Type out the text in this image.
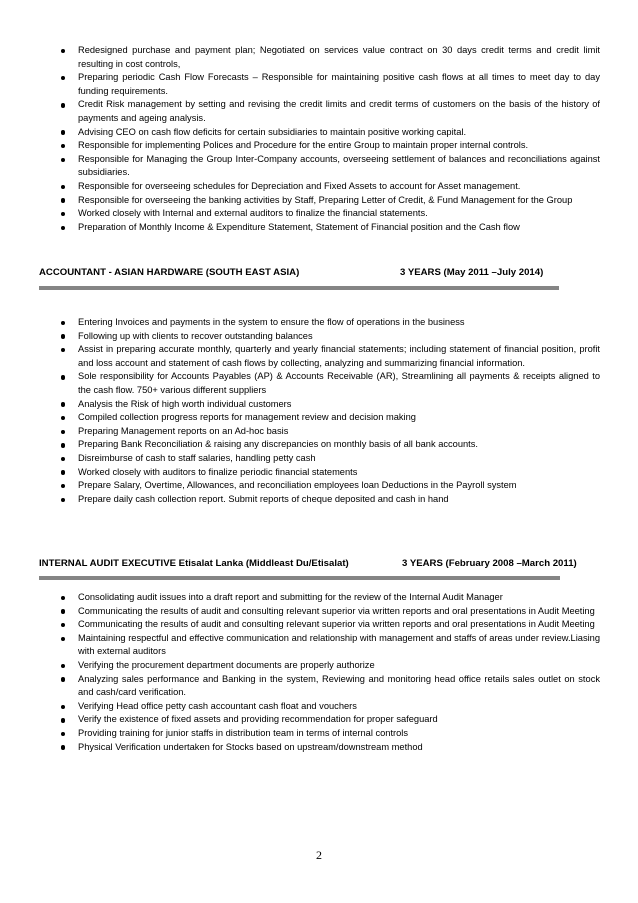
Redesigned purchase and payment plan; Negotiated on services value contract on 30 days credit terms and credit limit resulting in cost controls,
Preparing periodic Cash Flow Forecasts – Responsible for maintaining positive cash flows at all times to meet day to day funding requirements.
Credit Risk management by setting and revising the credit limits and credit terms of customers on the basis of the history of payments and ageing analysis.
Advising CEO on cash flow deficits for certain subsidiaries to maintain positive working capital.
Responsible for implementing Polices and Procedure for the entire Group to maintain proper internal controls.
Responsible for Managing the Group Inter-Company accounts, overseeing settlement of balances and reconciliations against subsidiaries.
Responsible for overseeing schedules for Depreciation and Fixed Assets to account for Asset management.
Responsible for overseeing the banking activities by Staff, Preparing Letter of Credit, & Fund Management for the Group
Worked closely with Internal and external auditors to finalize the financial statements.
Preparation of Monthly Income & Expenditure Statement, Statement of Financial position and the Cash flow
ACCOUNTANT - ASIAN HARDWARE (SOUTH EAST ASIA)	3 YEARS (May 2011 –July 2014)
Entering Invoices and payments in the system to ensure the flow of operations in the business
Following up with clients to recover outstanding balances
Assist in preparing accurate monthly, quarterly and yearly financial statements; including statement of financial position, profit and loss account and statement of cash flows by collecting, analyzing and summarizing financial information.
Sole responsibility for Accounts Payables (AP) & Accounts Receivable (AR), Streamlining all payments & receipts aligned to the cash flow. 750+ various different suppliers
Analysis the Risk of high worth individual customers
Compiled collection progress reports for management review and decision making
Preparing Management reports on an Ad-hoc basis
Preparing Bank Reconciliation & raising any discrepancies on monthly basis of all bank accounts.
Disreimburse of cash to staff salaries, handling petty cash
Worked closely with auditors to finalize periodic financial statements
Prepare Salary, Overtime, Allowances, and reconciliation employees loan Deductions in the Payroll system
Prepare daily cash collection report. Submit reports of cheque deposited and cash in hand
INTERNAL AUDIT EXECUTIVE Etisalat Lanka (Middleast Du/Etisalat)	3 YEARS (February 2008 –March 2011)
Consolidating audit issues into a draft report and submitting for the review of the Internal Audit Manager
Communicating the results of audit and consulting relevant superior via written reports and oral presentations in Audit Meeting
Communicating the results of audit and consulting relevant superior via written reports and oral presentations in Audit Meeting
Maintaining respectful and effective communication and relationship with management and staffs of areas under review.Liasing with external auditors
Verifying the procurement department documents are properly authorize
Analyzing sales performance and Banking in the system, Reviewing and monitoring head office retails sales outlet on stock and cash/card verification.
Verifying Head office petty cash accountant cash float and vouchers
Verify the existence of fixed assets and providing recommendation for proper safeguard
Providing training for junior staffs in distribution team in terms of internal controls
Physical Verification undertaken for Stocks based on upstream/downstream method
2
